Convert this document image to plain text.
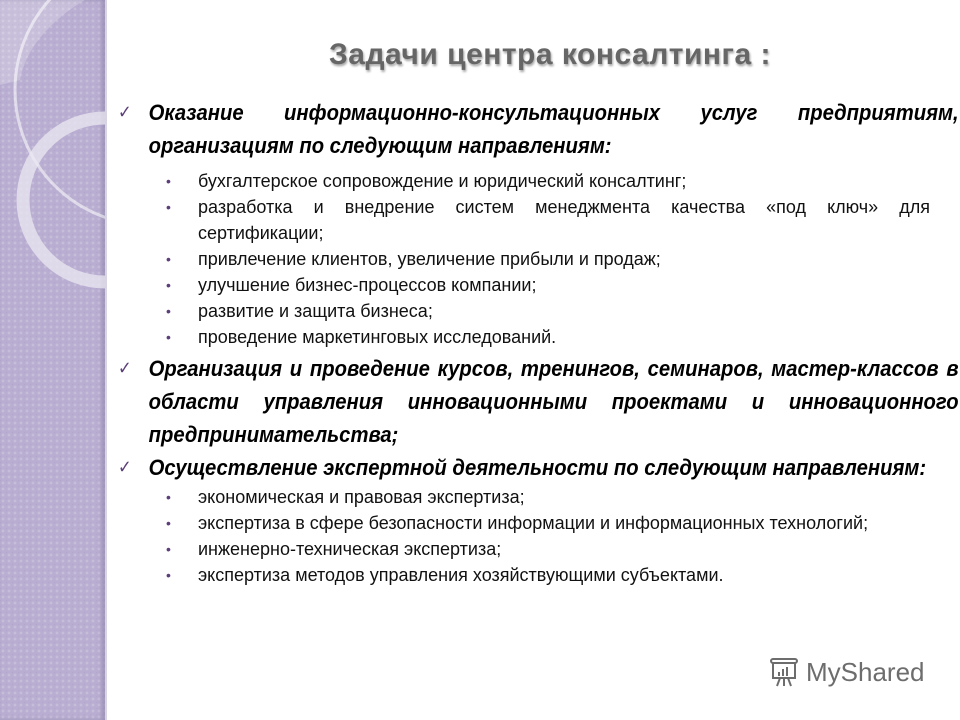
Задачи центра консалтинга :
✓ Оказание информационно-консультационных услуг предприятиям, организациям по следующим направлениям:
• бухгалтерское сопровождение и юридический консалтинг;
• разработка и внедрение систем менеджмента качества «под ключ» для сертификации;
• привлечение клиентов, увеличение прибыли и продаж;
• улучшение бизнес-процессов компании;
• развитие и защита бизнеса;
• проведение маркетинговых исследований.
✓ Организация и проведение курсов, тренингов, семинаров, мастер-классов в области управления инновационными проектами и инновационного предпринимательства;
✓ Осуществление экспертной деятельности по следующим направлениям:
• экономическая и правовая экспертиза;
• экспертиза в сфере безопасности информации и информационных технологий;
• инженерно-техническая экспертиза;
• экспертиза методов управления хозяйствующими субъектами.
MyShared
